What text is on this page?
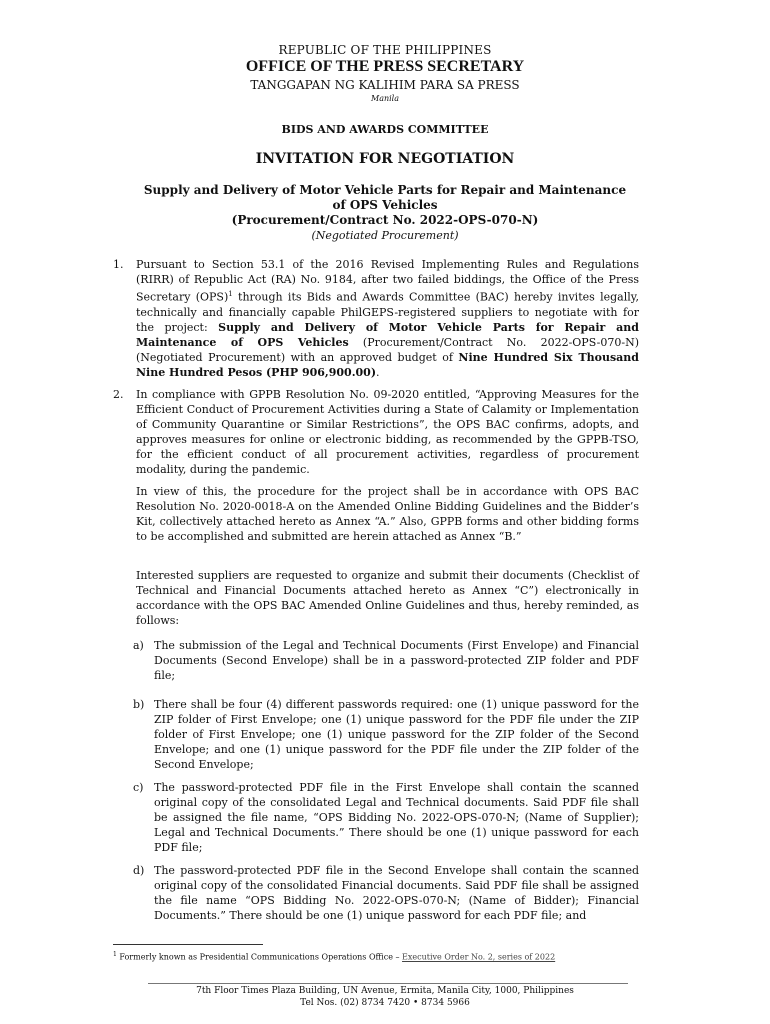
REPUBLIC OF THE PHILIPPINES
OFFICE OF THE PRESS SECRETARY
TANGGAPAN NG KALIHIM PARA SA PRESS
Manila
BIDS AND AWARDS COMMITTEE
INVITATION FOR NEGOTIATION
Supply and Delivery of Motor Vehicle Parts for Repair and Maintenance
of OPS Vehicles
(Procurement/Contract No. 2022-OPS-070-N)
(Negotiated Procurement)
1. Pursuant to Section 53.1 of the 2016 Revised Implementing Rules and Regulations (RIRR) of Republic Act (RA) No. 9184, after two failed biddings, the Office of the Press Secretary (OPS)$^1$ through its Bids and Awards Committee (BAC) hereby invites legally, technically and financially capable PhilGEPS-registered suppliers to negotiate with for the project: Supply and Delivery of Motor Vehicle Parts for Repair and Maintenance of OPS Vehicles (Procurement/Contract No. 2022-OPS-070-N) (Negotiated Procurement) with an approved budget of Nine Hundred Six Thousand Nine Hundred Pesos (PHP 906,900.00).
2. In compliance with GPPB Resolution No. 09-2020 entitled, “Approving Measures for the Efficient Conduct of Procurement Activities during a State of Calamity or Implementation of Community Quarantine or Similar Restrictions”, the OPS BAC confirms, adopts, and approves measures for online or electronic bidding, as recommended by the GPPB-TSO, for the efficient conduct of all procurement activities, regardless of procurement modality, during the pandemic.
In view of this, the procedure for the project shall be in accordance with OPS BAC Resolution No. 2020-0018-A on the Amended Online Bidding Guidelines and the Bidder’s Kit, collectively attached hereto as Annex “A.” Also, GPPB forms and other bidding forms to be accomplished and submitted are herein attached as Annex “B.”
Interested suppliers are requested to organize and submit their documents (Checklist of Technical and Financial Documents attached hereto as Annex “C”) electronically in accordance with the OPS BAC Amended Online Guidelines and thus, hereby reminded, as follows:
a) The submission of the Legal and Technical Documents (First Envelope) and Financial Documents (Second Envelope) shall be in a password-protected ZIP folder and PDF file;
b) There shall be four (4) different passwords required: one (1) unique password for the ZIP folder of First Envelope; one (1) unique password for the PDF file under the ZIP folder of First Envelope; one (1) unique password for the ZIP folder of the Second Envelope; and one (1) unique password for the PDF file under the ZIP folder of the Second Envelope;
c) The password-protected PDF file in the First Envelope shall contain the scanned original copy of the consolidated Legal and Technical documents. Said PDF file shall be assigned the file name, “OPS Bidding No. 2022-OPS-070-N; (Name of Supplier); Legal and Technical Documents.” There should be one (1) unique password for each PDF file;
d) The password-protected PDF file in the Second Envelope shall contain the scanned original copy of the consolidated Financial documents. Said PDF file shall be assigned the file name “OPS Bidding No. 2022-OPS-070-N; (Name of Bidder); Financial Documents.” There should be one (1) unique password for each PDF file; and
$^1$ Formerly known as Presidential Communications Operations Office – Executive Order No. 2, series of 2022
7th Floor Times Plaza Building, UN Avenue, Ermita, Manila City, 1000, Philippines
Tel Nos. (02) 8734 7420 • 8734 5966
